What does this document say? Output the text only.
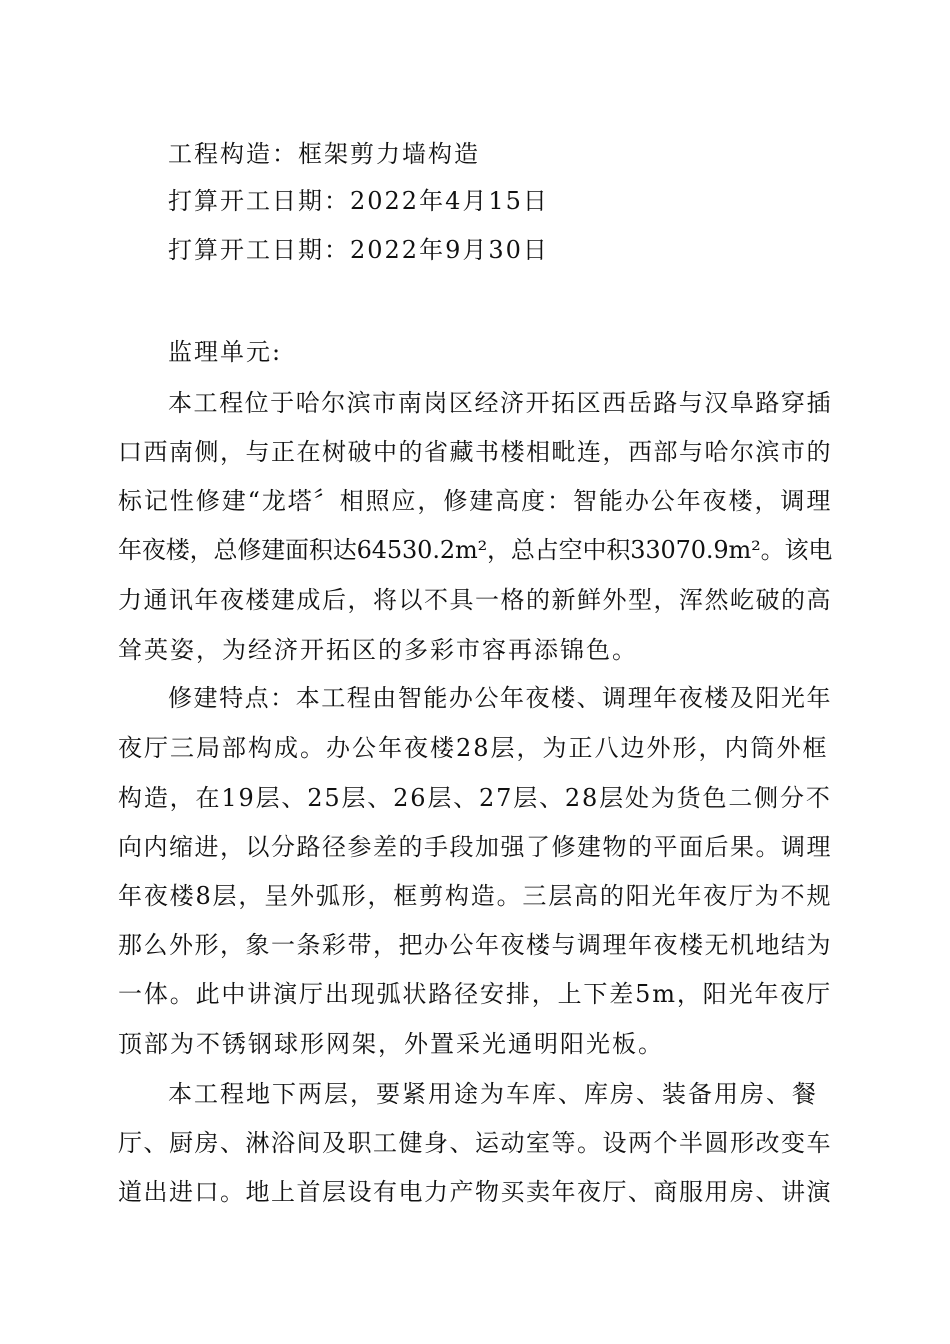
工程构造：框架剪力墙构造
打算开工日期：2022年4月15日
打算开工日期：2022年9月30日
监理单元:
本工程位于哈尔滨市南岗区经济开拓区西岳路与汉阜路穿插
口西南侧，与正在树破中的省藏书楼相毗连，西部与哈尔滨市的
标记性修建“龙塔〞相照应，修建高度：智能办公年夜楼，调理
年夜楼，总修建面积达64530.2m²，总占空中积33070.9m²。该电
力通讯年夜楼建成后，将以不具一格的新鲜外型，浑然屹破的高
耸英姿，为经济开拓区的多彩市容再添锦色。
修建特点：本工程由智能办公年夜楼、调理年夜楼及阳光年
夜厅三局部构成。办公年夜楼28层，为正八边外形，内筒外框
构造，在19层、25层、26层、27层、28层处为货色二侧分不
向内缩进，以分路径参差的手段加强了修建物的平面后果。调理
年夜楼8层，呈外弧形，框剪构造。三层高的阳光年夜厅为不规
那么外形，象一条彩带，把办公年夜楼与调理年夜楼无机地结为
一体。此中讲演厅出现弧状路径安排，上下差5m，阳光年夜厅
顶部为不锈钢球形网架，外置采光通明阳光板。
本工程地下两层，要紧用途为车库、库房、装备用房、餐
厅、厨房、淋浴间及职工健身、运动室等。设两个半圆形改变车
道出进口。地上首层设有电力产物买卖年夜厅、商服用房、讲演
